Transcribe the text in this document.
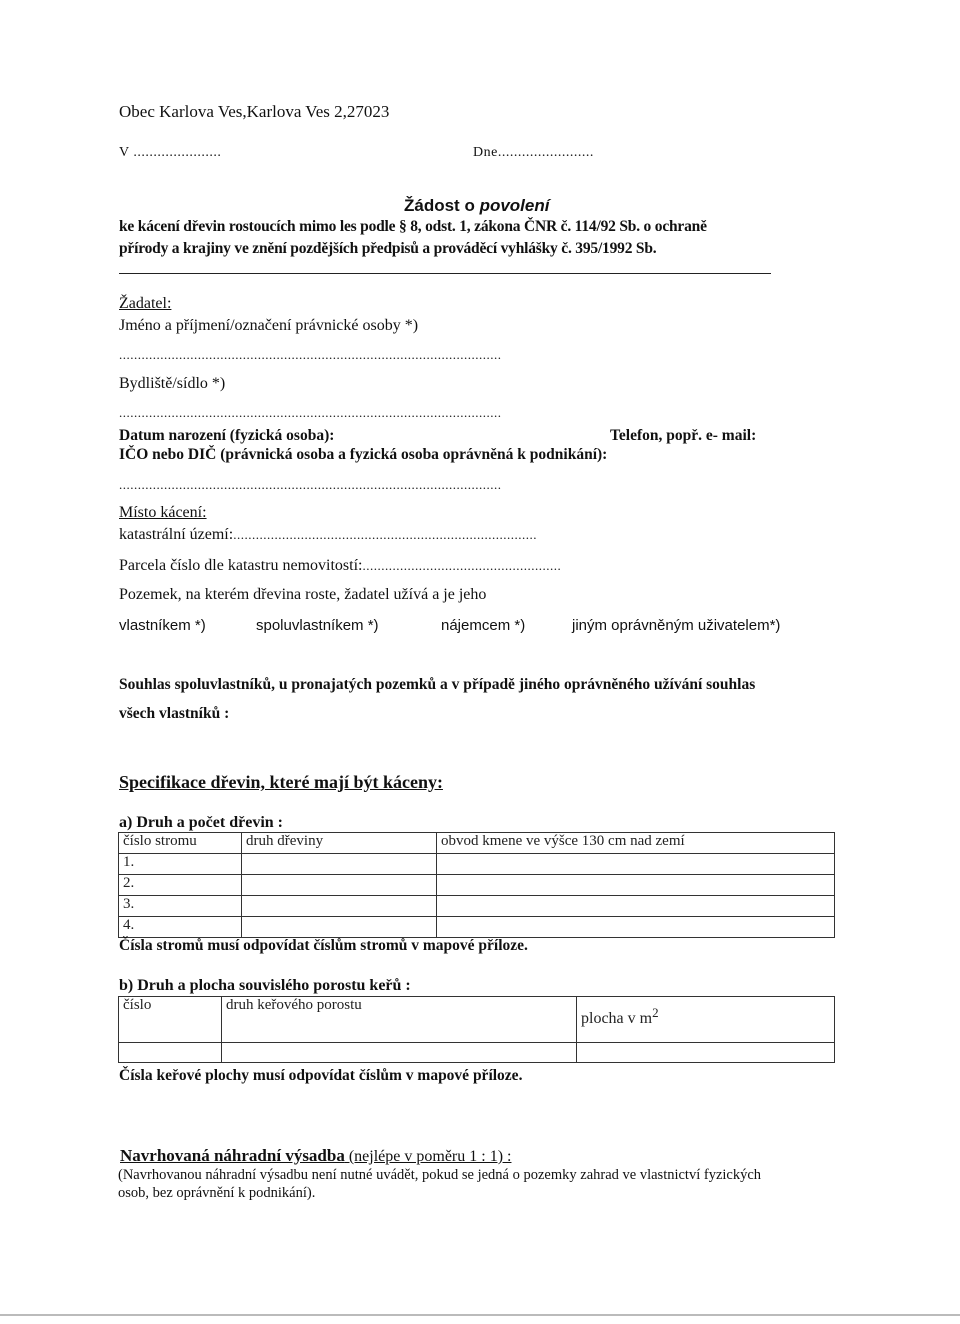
Obec Karlova Ves,Karlova Ves 2,27023
V ......................	Dne........................
Žádost o povolení
ke kácení dřevin rostoucích mimo les podle § 8, odst. 1, zákona ČNR č. 114/92 Sb. o ochraně
přírody a krajiny ve znění pozdějších předpisů a prováděcí vyhlášky č. 395/1992 Sb.
Žadatel:
Jméno a příjmení/označení právnické osoby *)
......................................................................................................
Bydliště/sídlo *)
......................................................................................................
Datum narození (fyzická osoba):	Telefon, popř. e- mail:
IČO nebo DIČ (právnická osoba a fyzická osoba oprávněná k podnikání):
......................................................................................................
Místo kácení:
katastrální území:.................................................................................
Parcela číslo dle katastru nemovitostí:.....................................................
Pozemek, na kterém dřevina roste, žadatel užívá a je jeho
vlastníkem *)	spoluvlastníkem *)	nájemcem *)	jiným oprávněným uživatelem*)
Souhlas spoluvlastníků, u pronajatých pozemků a v případě jiného oprávněného užívání souhlas
všech vlastníků :
Specifikace dřevin, které mají být káceny:
a) Druh a počet dřevin :
číslo stromu	druh dřeviny	obvod kmene ve výšce 130 cm nad zemí
1.		
2.		
3.		
4.		
Čísla stromů musí odpovídat číslům stromů v mapové příloze.
b) Druh a plocha souvislého porostu keřů :
číslo	druh keřového porostu	plocha v $m^2$

Čísla keřové plochy musí odpovídat číslům v mapové příloze.
Navrhovaná náhradní výsadba (nejlépe v poměru 1 : 1) :
(Navrhovanou náhradní výsadbu není nutné uvádět, pokud se jedná o pozemky zahrad ve vlastnictví fyzických
osob, bez oprávnění k podnikání).
